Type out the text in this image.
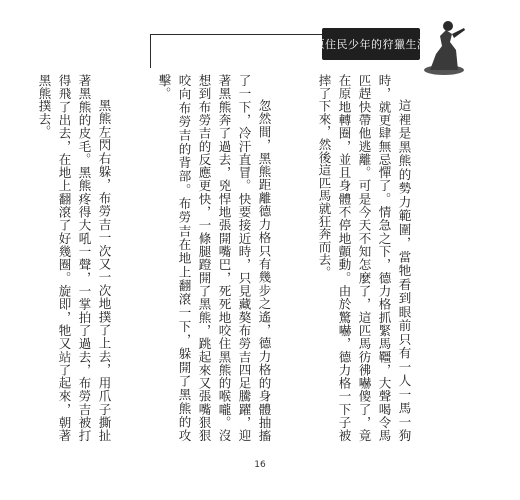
原住民少年的狩獵生活

這裡是黑熊的勢力範圍，當牠看到眼前只有一人一馬一狗時，就更肆無忌憚了。情急之下，德力格抓緊馬韁，大聲喝令馬匹趕快帶他逃離。可是今天不知怎麼了，這匹馬彷彿嚇傻了，竟在原地轉圈，並且身體不停地顫動。由於驚嚇，德力格一下子被摔了下來，然後這匹馬就狂奔而去。

忽然間，黑熊距離德力格只有幾步之遙，德力格的身體抽搐了一下，冷汗直冒。快要接近時，只見藏獒布勞吉四足騰躍，迎著黑熊奔了過去，兇悍地張開嘴巴，死死地咬住黑熊的喉嚨。沒想到布勞吉的反應更快，一條腿蹬開了黑熊，跳起來又張嘴狠狠咬向布勞吉的背部。布勞吉在地上翻滾一下，躲開了黑熊的攻擊。

黑熊左閃右躲，布勞吉一次又一次地撲了上去，用爪子撕扯著黑熊的皮毛。黑熊疼得大吼一聲，一掌拍了過去，布勞吉被打得飛了出去，在地上翻滾了好幾圈。旋即，牠又站了起來，朝著黑熊撲去。

16
